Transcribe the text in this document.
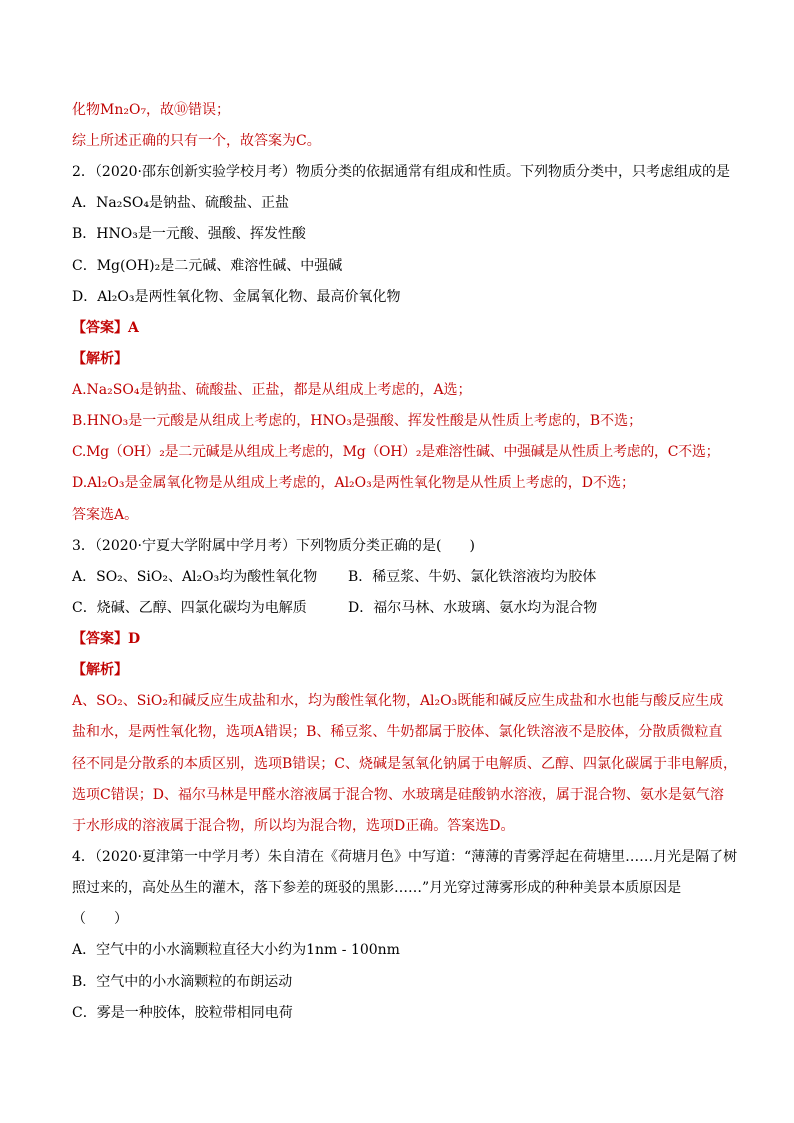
化物Mn₂O₇，故⑩错误；
综上所述正确的只有一个，故答案为C。
2．（2020·邵东创新实验学校月考）物质分类的依据通常有组成和性质。下列物质分类中，只考虑组成的是
A．Na₂SO₄是钠盐、硫酸盐、正盐
B．HNO₃是一元酸、强酸、挥发性酸
C．Mg(OH)₂是二元碱、难溶性碱、中强碱
D．Al₂O₃是两性氧化物、金属氧化物、最高价氧化物
【答案】A
【解析】
A.Na₂SO₄是钠盐、硫酸盐、正盐，都是从组成上考虑的，A选；
B.HNO₃是一元酸是从组成上考虑的，HNO₃是强酸、挥发性酸是从性质上考虑的，B不选；
C.Mg（OH）₂是二元碱是从组成上考虑的，Mg（OH）₂是难溶性碱、中强碱是从性质上考虑的，C不选；
D.Al₂O₃是金属氧化物是从组成上考虑的，Al₂O₃是两性氧化物是从性质上考虑的，D不选；
答案选A。
3．（2020·宁夏大学附属中学月考）下列物质分类正确的是(　　)
A．SO₂、SiO₂、Al₂O₃均为酸性氧化物 B．稀豆浆、牛奶、氯化铁溶液均为胶体
C．烧碱、乙醇、四氯化碳均为电解质	D．福尔马林、水玻璃、氨水均为混合物
【答案】D
【解析】
A、SO₂、SiO₂和碱反应生成盐和水，均为酸性氧化物，Al₂O₃既能和碱反应生成盐和水也能与酸反应生成
盐和水，是两性氧化物，选项A错误；B、稀豆浆、牛奶都属于胶体、氯化铁溶液不是胶体，分散质微粒直
径不同是分散系的本质区别，选项B错误；C、烧碱是氢氧化钠属于电解质、乙醇、四氯化碳属于非电解质，
选项C错误；D、福尔马林是甲醛水溶液属于混合物、水玻璃是硅酸钠水溶液，属于混合物、氨水是氨气溶
于水形成的溶液属于混合物，所以均为混合物，选项D正确。答案选D。
4．（2020·夏津第一中学月考）朱自清在《荷塘月色》中写道：“薄薄的青雾浮起在荷塘里……月光是隔了树
照过来的，高处丛生的灌木，落下参差的斑驳的黑影……”月光穿过薄雾形成的种种美景本质原因是
（　　）
A．空气中的小水滴颗粒直径大小约为1nm - 100nm
B．空气中的小水滴颗粒的布朗运动
C．雾是一种胶体，胶粒带相同电荷
